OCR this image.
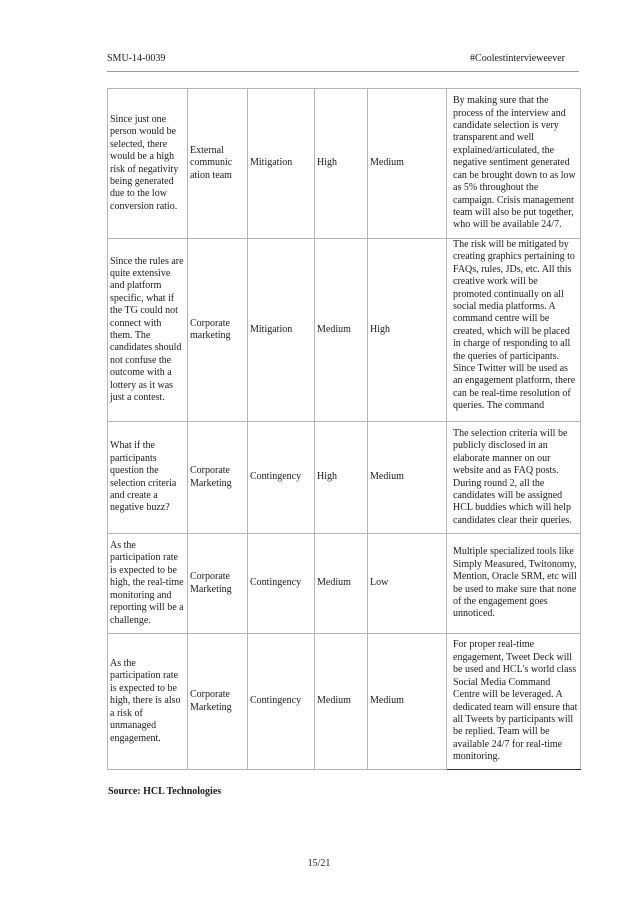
SMU-14-0039	#Coolestintervieweever
Since just one person would be selected, there would be a high risk of negativity being generated due to the low conversion ratio.	External communic ation team	Mitigation	High	Medium	By making sure that the process of the interview and candidate selection is very transparent and well explained/articulated, the negative sentiment generated can be brought down to as low as 5% throughout the campaign. Crisis management team will also be put together, who will be available 24/7.

Since the rules are quite extensive and platform specific, what if the TG could not connect with them. The candidates should not confuse the outcome with a lottery as it was just a contest.	Corporate marketing	Mitigation	Medium	High	The risk will be mitigated by creating graphics pertaining to FAQs, rules, JDs, etc. All this creative work will be promoted continually on all social media platforms. A command centre will be created, which will be placed in charge of responding to all the queries of participants. Since Twitter will be used as an engagement platform, there can be real-time resolution of queries. The command

What if the participants question the selection criteria and create a negative buzz?	Corporate Marketing	Contingency	High	Medium	The selection criteria will be publicly disclosed in an elaborate manner on our website and as FAQ posts. During round 2, all the candidates will be assigned HCL buddies which will help candidates clear their queries.

As the participation rate is expected to be high, the real-time monitoring and reporting will be a challenge.	Corporate Marketing	Contingency	Medium	Low	Multiple specialized tools like Simply Measured, Twitonomy, Mention, Oracle SRM, etc will be used to make sure that none of the engagement goes unnoticed.

As the participation rate is expected to be high, there is also a risk of unmanaged engagement.	Corporate Marketing	Contingency	Medium	Medium	For proper real-time engagement, Tweet Deck will be used and HCL's world class Social Media Command Centre will be leveraged. A dedicated team will ensure that all Tweets by participants will be replied. Team will be available 24/7 for real-time monitoring.
Source: HCL Technologies
15/21
